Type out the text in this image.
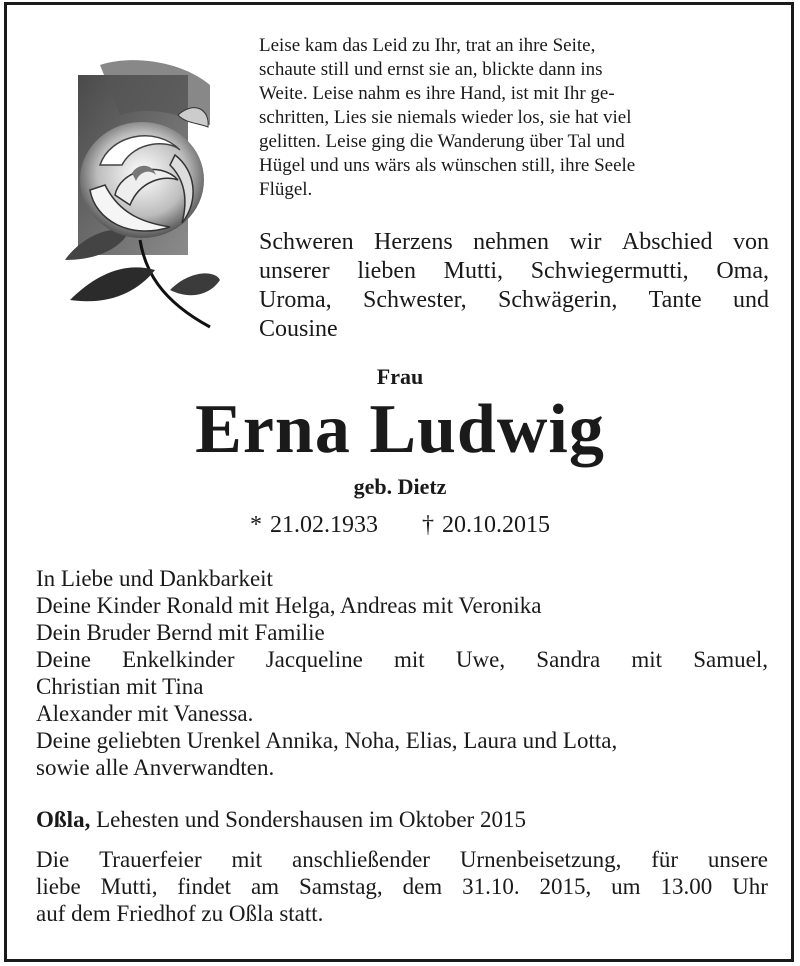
Leise kam das Leid zu Ihr, trat an ihre Seite,
schaute still und ernst sie an, blickte dann ins
Weite. Leise nahm es ihre Hand, ist mit Ihr ge-
schritten, Lies sie niemals wieder los, sie hat viel
gelitten. Leise ging die Wanderung über Tal und
Hügel und uns wärs als wünschen still, ihre Seele
Flügel.
Schweren Herzens nehmen wir Abschied von
unserer lieben Mutti, Schwiegermutti, Oma,
Uroma, Schwester, Schwägerin, Tante und
Cousine
Frau
Erna Ludwig
geb. Dietz
* 21.02.1933 † 20.10.2015
In Liebe und Dankbarkeit
Deine Kinder Ronald mit Helga, Andreas mit Veronika
Dein Bruder Bernd mit Familie
Deine Enkelkinder Jacqueline mit Uwe, Sandra mit Samuel,
Christian mit Tina
Alexander mit Vanessa.
Deine geliebten Urenkel Annika, Noha, Elias, Laura und Lotta,
sowie alle Anverwandten.
Oßla, Lehesten und Sondershausen im Oktober 2015
Die Trauerfeier mit anschließender Urnenbeisetzung, für unsere
liebe Mutti, findet am Samstag, dem 31.10. 2015, um 13.00 Uhr
auf dem Friedhof zu Oßla statt.
